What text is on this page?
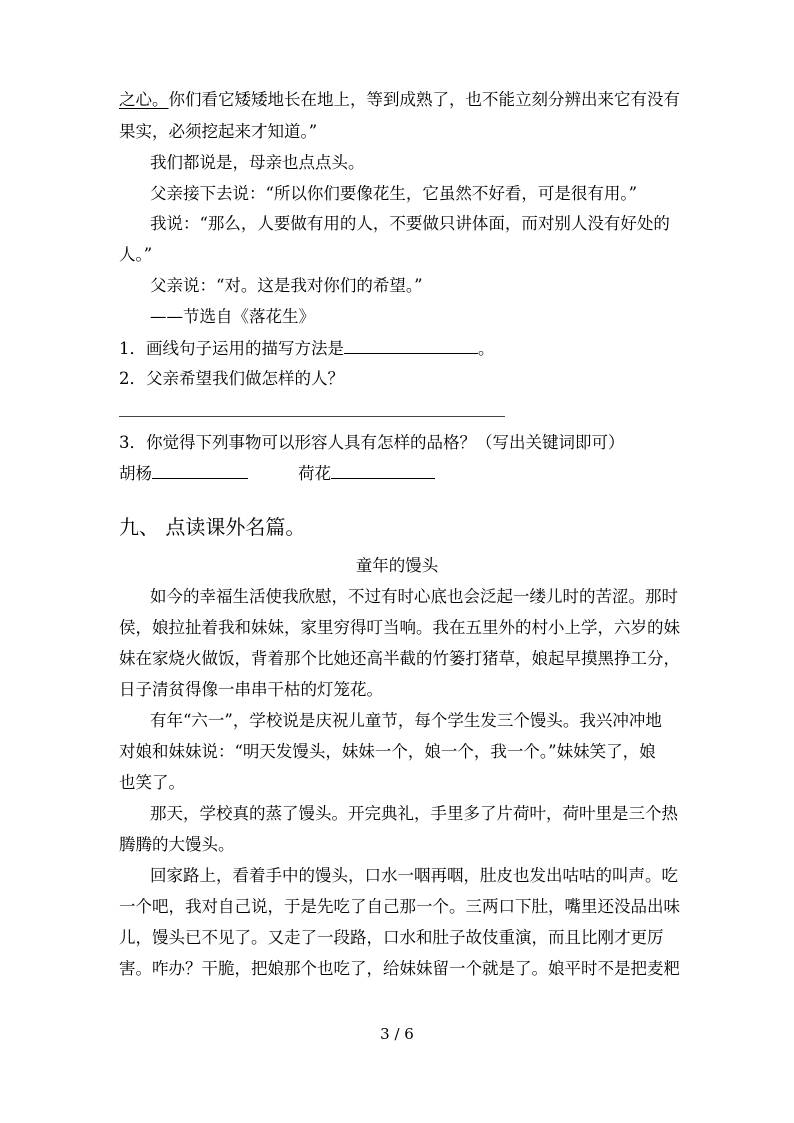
之心。你们看它矮矮地长在地上，等到成熟了，也不能立刻分辨出来它有没有
果实，必须挖起来才知道。”
我们都说是，母亲也点点头。
父亲接下去说：“所以你们要像花生，它虽然不好看，可是很有用。”
我说：“那么，人要做有用的人，不要做只讲体面，而对别人没有好处的
人。”
父亲说：“对。这是我对你们的希望。”
——节选自《落花生》
1．画线句子运用的描写方法是	。
2．父亲希望我们做怎样的人？
3．你觉得下列事物可以形容人具有怎样的品格？（写出关键词即可）
胡杨	荷花
九、 点读课外名篇。
童年的馒头
如今的幸福生活使我欣慰，不过有时心底也会泛起一缕儿时的苦涩。那时
侯，娘拉扯着我和妹妹，家里穷得叮当响。我在五里外的村小上学，六岁的妹
妹在家烧火做饭，背着那个比她还高半截的竹篓打猪草，娘起早摸黑挣工分，
日子清贫得像一串串干枯的灯笼花。
有年“六一”，学校说是庆祝儿童节，每个学生发三个馒头。我兴冲冲地
对娘和妹妹说：“明天发馒头，妹妹一个，娘一个，我一个。”妹妹笑了，娘
也笑了。
那天，学校真的蒸了馒头。开完典礼，手里多了片荷叶，荷叶里是三个热
腾腾的大馒头。
回家路上，看着手中的馒头，口水一咽再咽，肚皮也发出咕咕的叫声。吃
一个吧，我对自己说，于是先吃了自己那一个。三两口下肚，嘴里还没品出味
儿，馒头已不见了。又走了一段路，口水和肚子故伎重演，而且比刚才更厉
害。咋办？干脆，把娘那个也吃了，给妹妹留一个就是了。娘平时不是把麦粑
3 / 6
